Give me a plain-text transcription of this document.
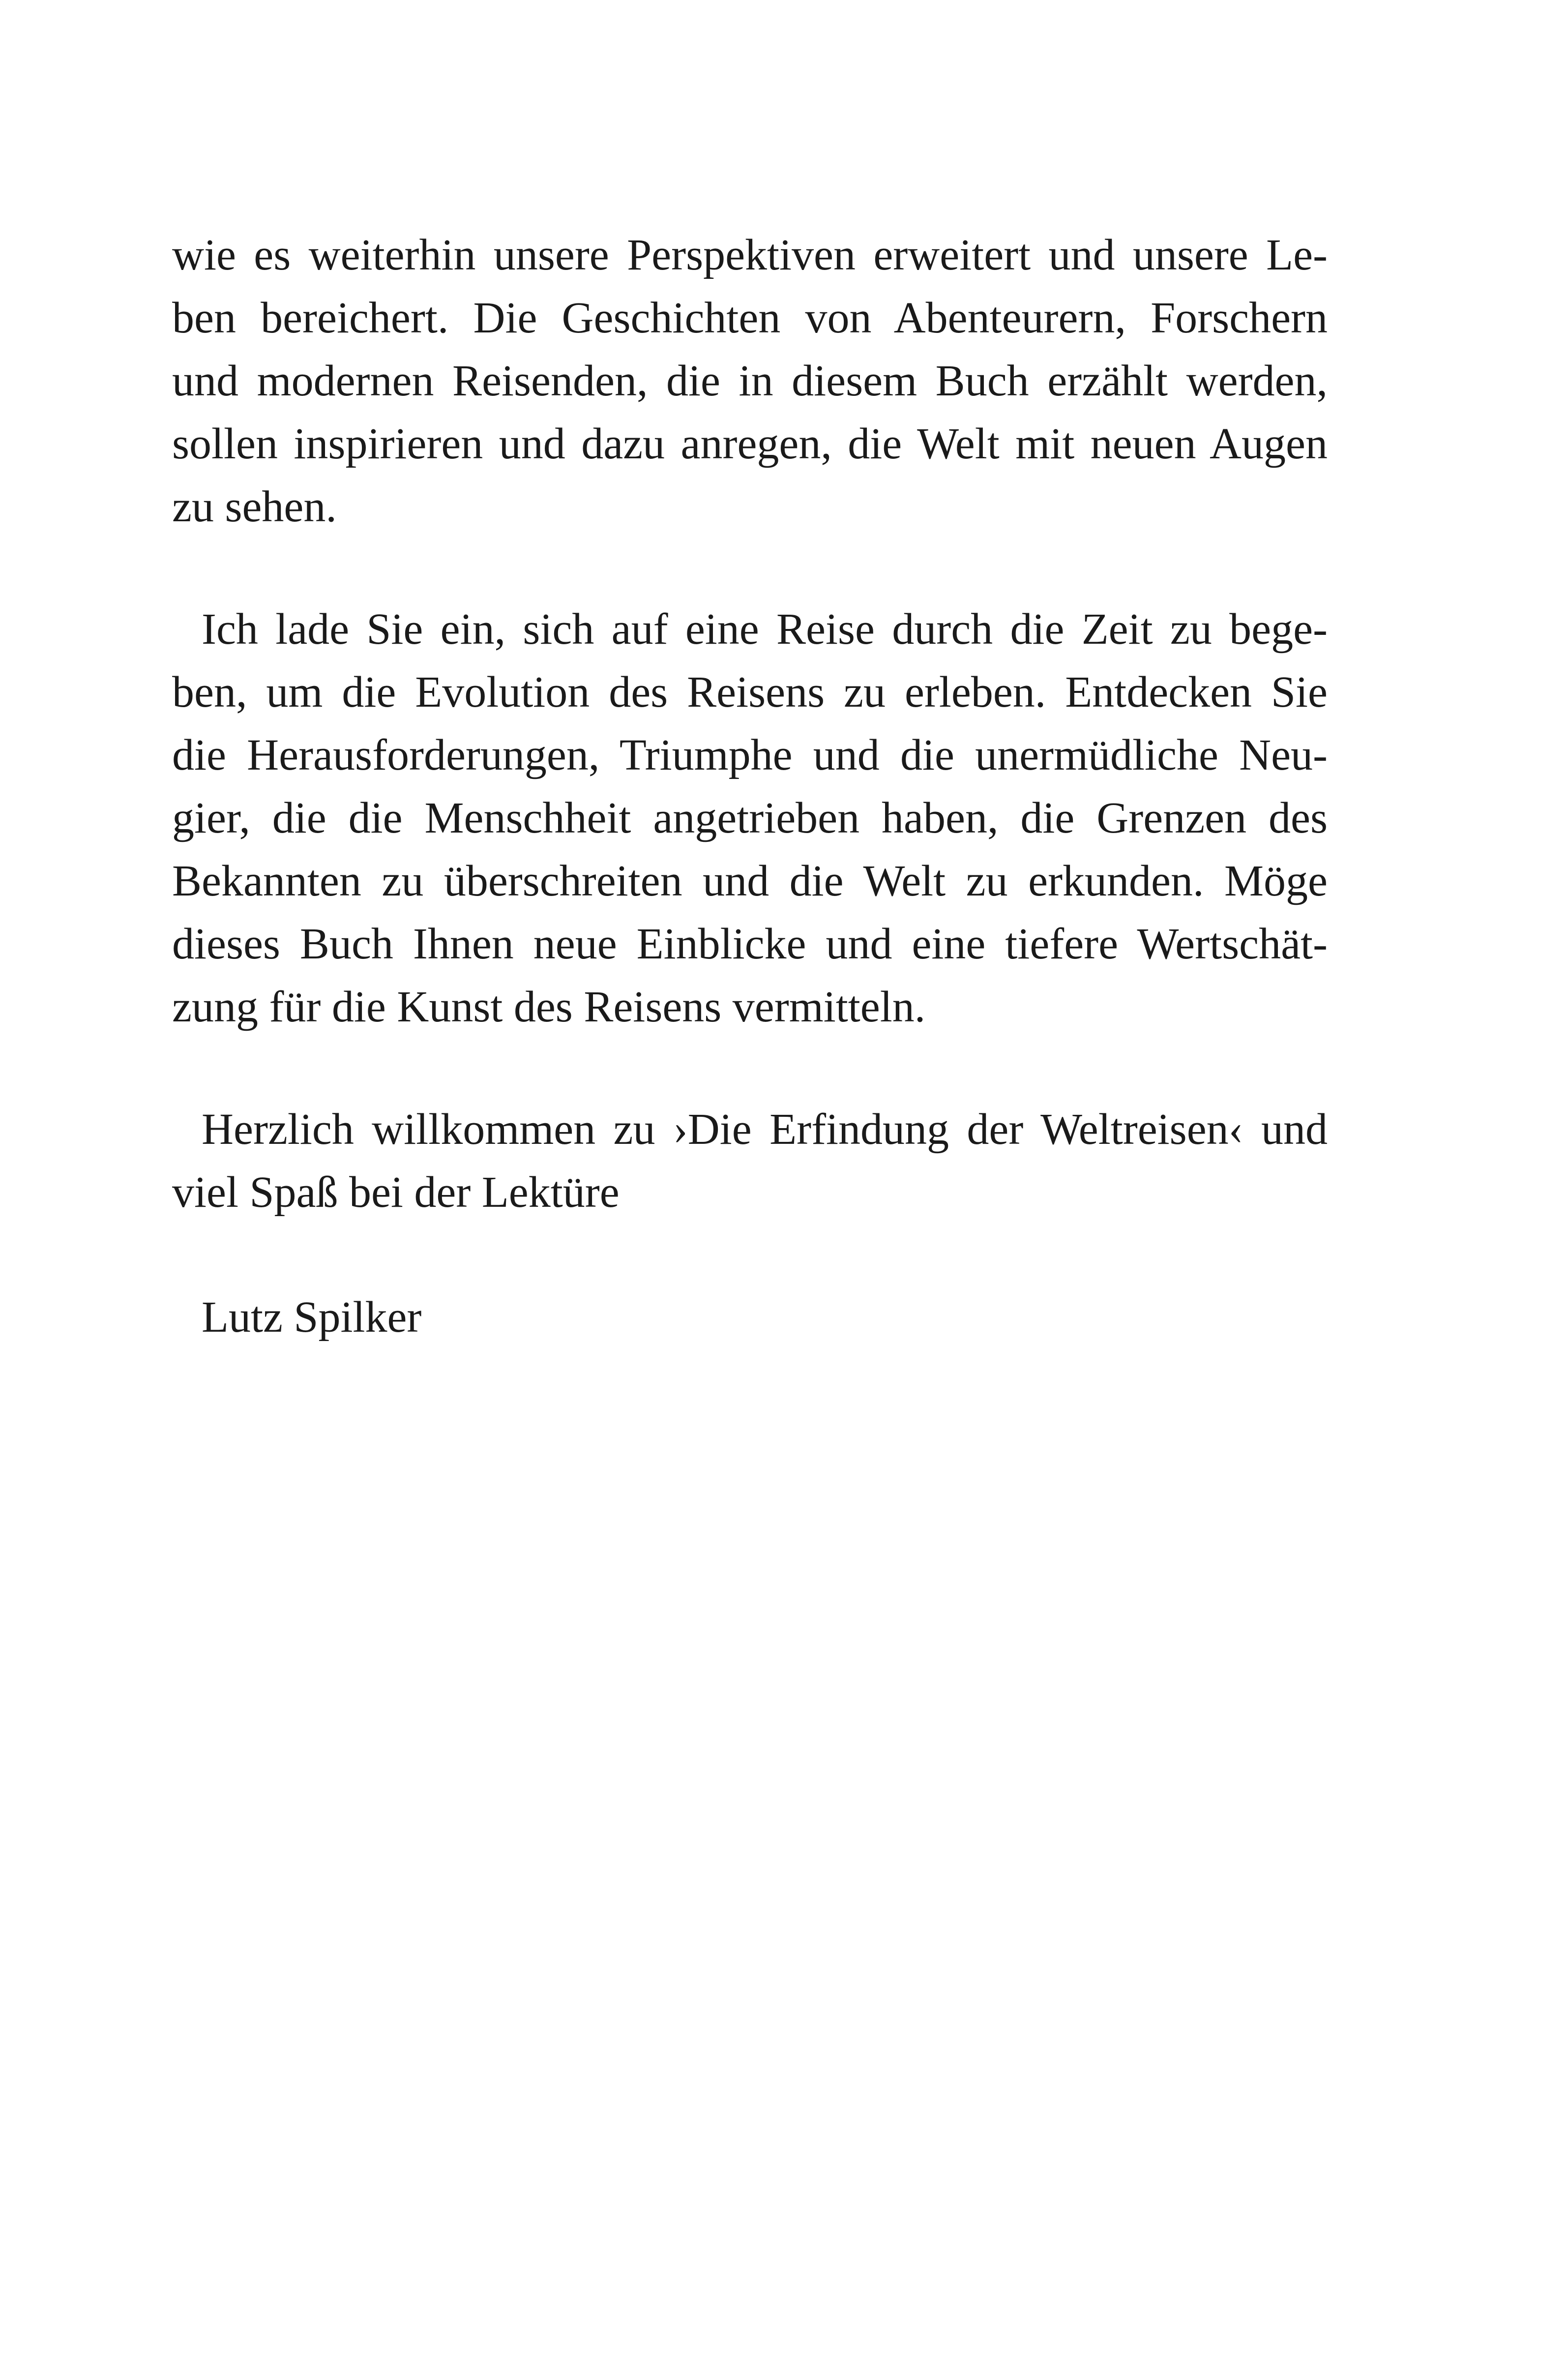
wie es weiterhin unsere Perspektiven erweitert und unsere Le-
ben bereichert. Die Geschichten von Abenteurern, Forschern
und modernen Reisenden, die in diesem Buch erzählt werden,
sollen inspirieren und dazu anregen, die Welt mit neuen Augen
zu sehen.
Ich lade Sie ein, sich auf eine Reise durch die Zeit zu bege-
ben, um die Evolution des Reisens zu erleben. Entdecken Sie
die Herausforderungen, Triumphe und die unermüdliche Neu-
gier, die die Menschheit angetrieben haben, die Grenzen des
Bekannten zu überschreiten und die Welt zu erkunden. Möge
dieses Buch Ihnen neue Einblicke und eine tiefere Wertschät-
zung für die Kunst des Reisens vermitteln.
Herzlich willkommen zu ›Die Erfindung der Weltreisen‹ und
viel Spaß bei der Lektüre
Lutz Spilker
